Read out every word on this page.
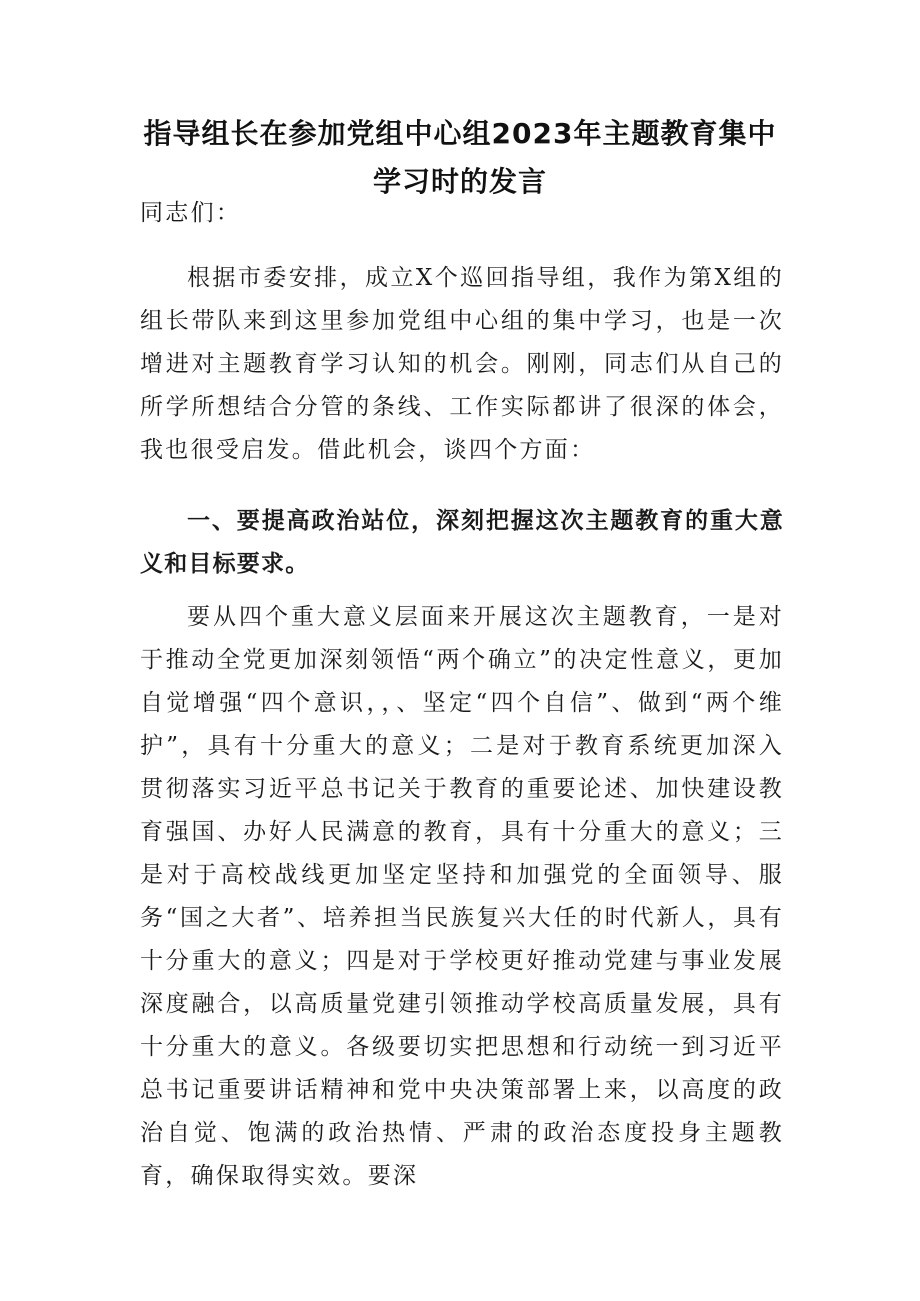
指导组长在参加党组中心组2023年主题教育集中
学习时的发言

同志们：

根据市委安排，成立X个巡回指导组，我作为第X组的组长带队来到这里参加党组中心组的集中学习，也是一次增进对主题教育学习认知的机会。刚刚，同志们从自己的所学所想结合分管的条线、工作实际都讲了很深的体会，我也很受启发。借此机会，谈四个方面：

一、要提高政治站位，深刻把握这次主题教育的重大意义和目标要求。

要从四个重大意义层面来开展这次主题教育，一是对于推动全党更加深刻领悟“两个确立”的决定性意义，更加自觉增强“四个意识，，、坚定“四个自信”、做到“两个维护”，具有十分重大的意义；二是对于教育系统更加深入贯彻落实习近平总书记关于教育的重要论述、加快建设教育强国、办好人民满意的教育，具有十分重大的意义；三是对于高校战线更加坚定坚持和加强党的全面领导、服务“国之大者”、培养担当民族复兴大任的时代新人，具有十分重大的意义；四是对于学校更好推动党建与事业发展深度融合，以高质量党建引领推动学校高质量发展，具有十分重大的意义。各级要切实把思想和行动统一到习近平总书记重要讲话精神和党中央决策部署上来，以高度的政治自觉、饱满的政治热情、严肃的政治态度投身主题教育，确保取得实效。要深
